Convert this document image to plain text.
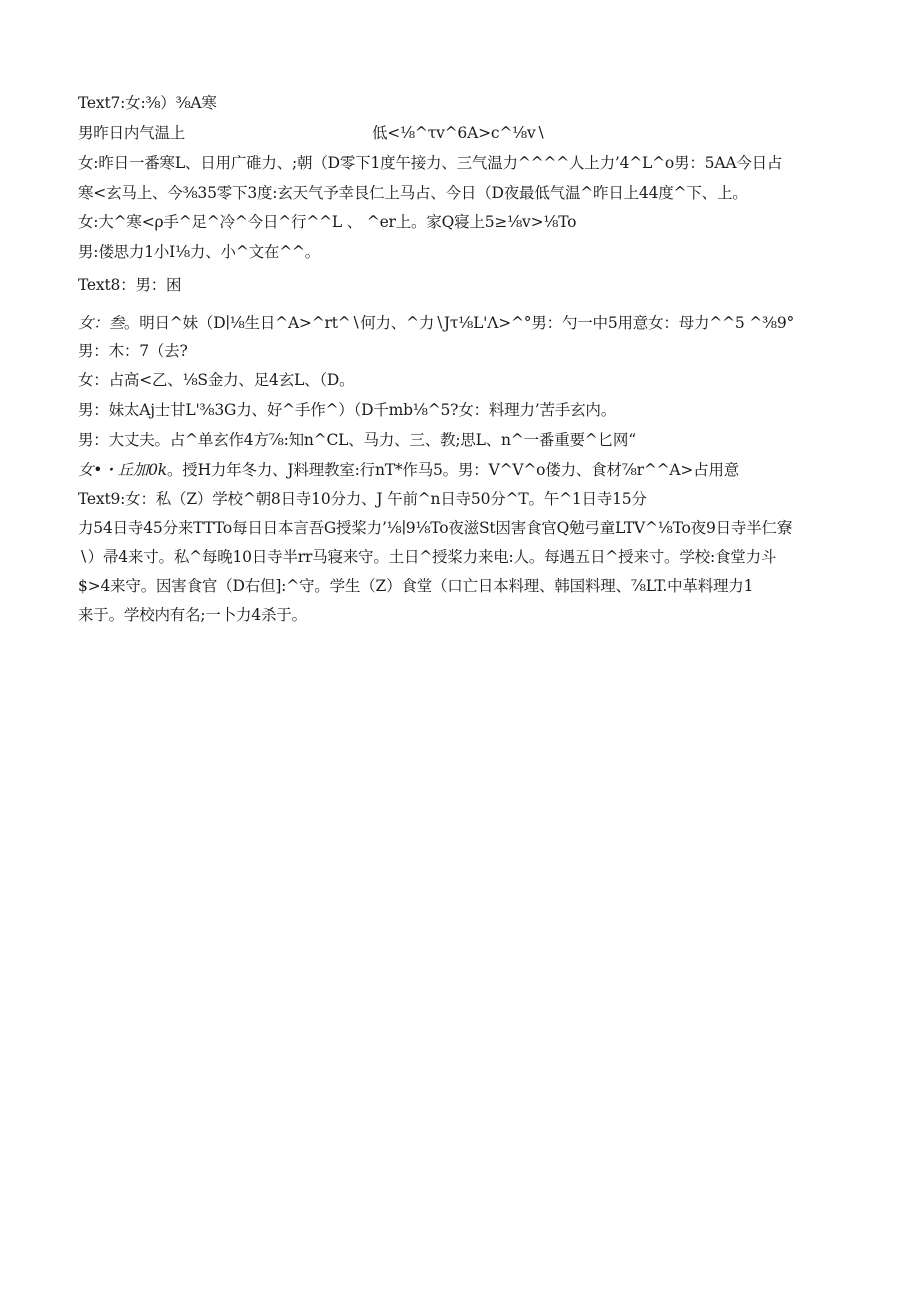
Text7:女:⅜）⅜A寒
男昨日内气温上	低<⅛^τv^6A>c^⅛v∖
女:昨日一番寒L、日用广碓力、;朝（D零下1度午接力、三气温力^^^^人上力’4^L^o男：5AA今日占
寒<玄马上、今⅜35零下3度:玄天气予幸艮仁上马占、今日（D夜最低气温^昨日上44度^下、上。
女:大^寒<ρ手^足^冷^今日^行^^L 、 ^er上。家Q寝上5≥⅛v>⅛To
男:偻思力1小I⅛力、小^文在^^。
Text8：男：困
女：叁。明日^妹（D∣⅛生日^A>^rt^∖何力、^力∖Jτ⅛L'Λ>^°男：勺一中5用意女：母力^^5 ^⅜9°
男：木：7（去?
女：占高<乙、⅛S金力、足4玄L、（D。
男：妹太Aj士甘L'⅜3G力、好^手作^）（D千mb⅛^5?女：料理力’苦手玄内。
男：大丈夫。占^单玄作4方⅞:知n^CL、马力、三、教;思L、n^一番重要^匕网“
女•・丘加0k。授H力年冬力、J料理教室:行nT*作马5。男：V^V^o偻力、食材⅞r^^A>占用意
Text9:女：私（Z）学校^朝8日寺10分力、J 午前^n日寺50分^T。午^1日寺15分
力54日寺45分来TTTo每日日本言吾G授桨力’⅛∣9⅛To夜滋St因害食官Q勉弓童LTV^⅛To夜9日寺半仁寮
∖）帚4来寸。私^每晚10日寺半rr马寝来守。土日^授桨力来电:人。每遇五日^授来寸。学校:食堂力斗
$>4来守。因害食官（D右但]:^守。学生（Z）食堂（口亡日本料理、韩国料理、⅞LT.中革料理力1
来于。学校内有名;一卜力4杀于。
